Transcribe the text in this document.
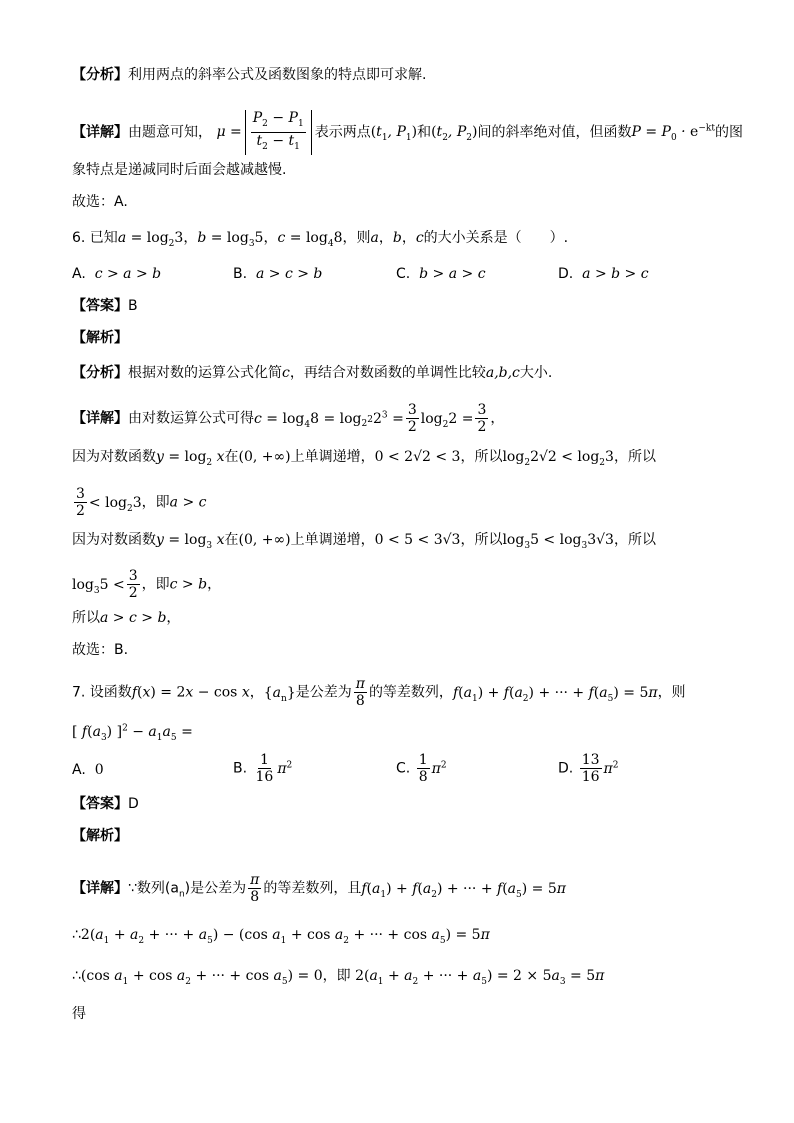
【分析】利用两点的斜率公式及函数图象的特点即可求解.
【详解】由题意可知， $\mu = \frac{P_2 - P_1}{t_2 - t_1}$ 表示两点($t_1$, $P_1$)和($t_2$, $P_2$)间的斜率绝对值，但函数$P = P_0 \cdot e^{-kt}$的图
象特点是递减同时后面会越减越慢.
故选：A.
6. 已知$a = \log_23$，$b = \log_35$，$c = \log_48$，则a，b，c的大小关系是（　　）.
A. c > a > b	B. a > c > b	C. b > a > c	D. a > b > c
【答案】B
【解析】
【分析】根据对数的运算公式化简c，再结合对数函数的单调性比较a,b,c大小.
【详解】由对数运算公式可得$c = \log_48 = \log_{2^2}2^3 = \frac{3}{2} \log_22 = \frac{3}{2}$ ，
因为对数函数$y = \log_2 x$在(0, +∞)上单调递增，0 < 2√2 < 3，所以$\log_22√2 < \log_23$，所以
$\frac{3}{2} < \log_23$，即a > c
因为对数函数$y = \log_3 x$在(0, +∞)上单调递增，0 < 5 < 3√3，所以$\log_35 < \log_33√3$，所以
$\log_35 < \frac{3}{2}$ ，即c > b，
所以a > c > b，
故选：B.
7. 设函数f(x) = 2x − cos x，$\{a_n\}$是公差为 $\frac{\pi}{8}$ 的等差数列，$f(a_1) + f(a_2)$ + ··· + $f(a_5) = 5\pi$，则
[ $f(a_3) ]^2 - a_1a_5$ =
A. 0	B. $\frac{1}{16} \pi^2$	C. $\frac{1}{8} \pi^2$	D. $\frac{13}{16} \pi^2$
【答案】D
【解析】
【详解】∵数列$(a_n)$是公差为 $\frac{\pi}{8}$ 的等差数列，且$f(a_1) + f(a_2)$ + ··· + $f(a_5) = 5\pi$
$\therefore 2(a_1 + a_2$ + ··· + $a_5) - (\cos$ $a_1 + \cos a_2$ + ··· + $\cos a_5) = 5\pi$
∴(cos $a_1 + \cos a_2$ + ··· + $\cos a_5) = 0$，即 $2(a_1 + a_2$ + ··· + $a_5) = 2 \times 5a_3 = 5\pi$
得
